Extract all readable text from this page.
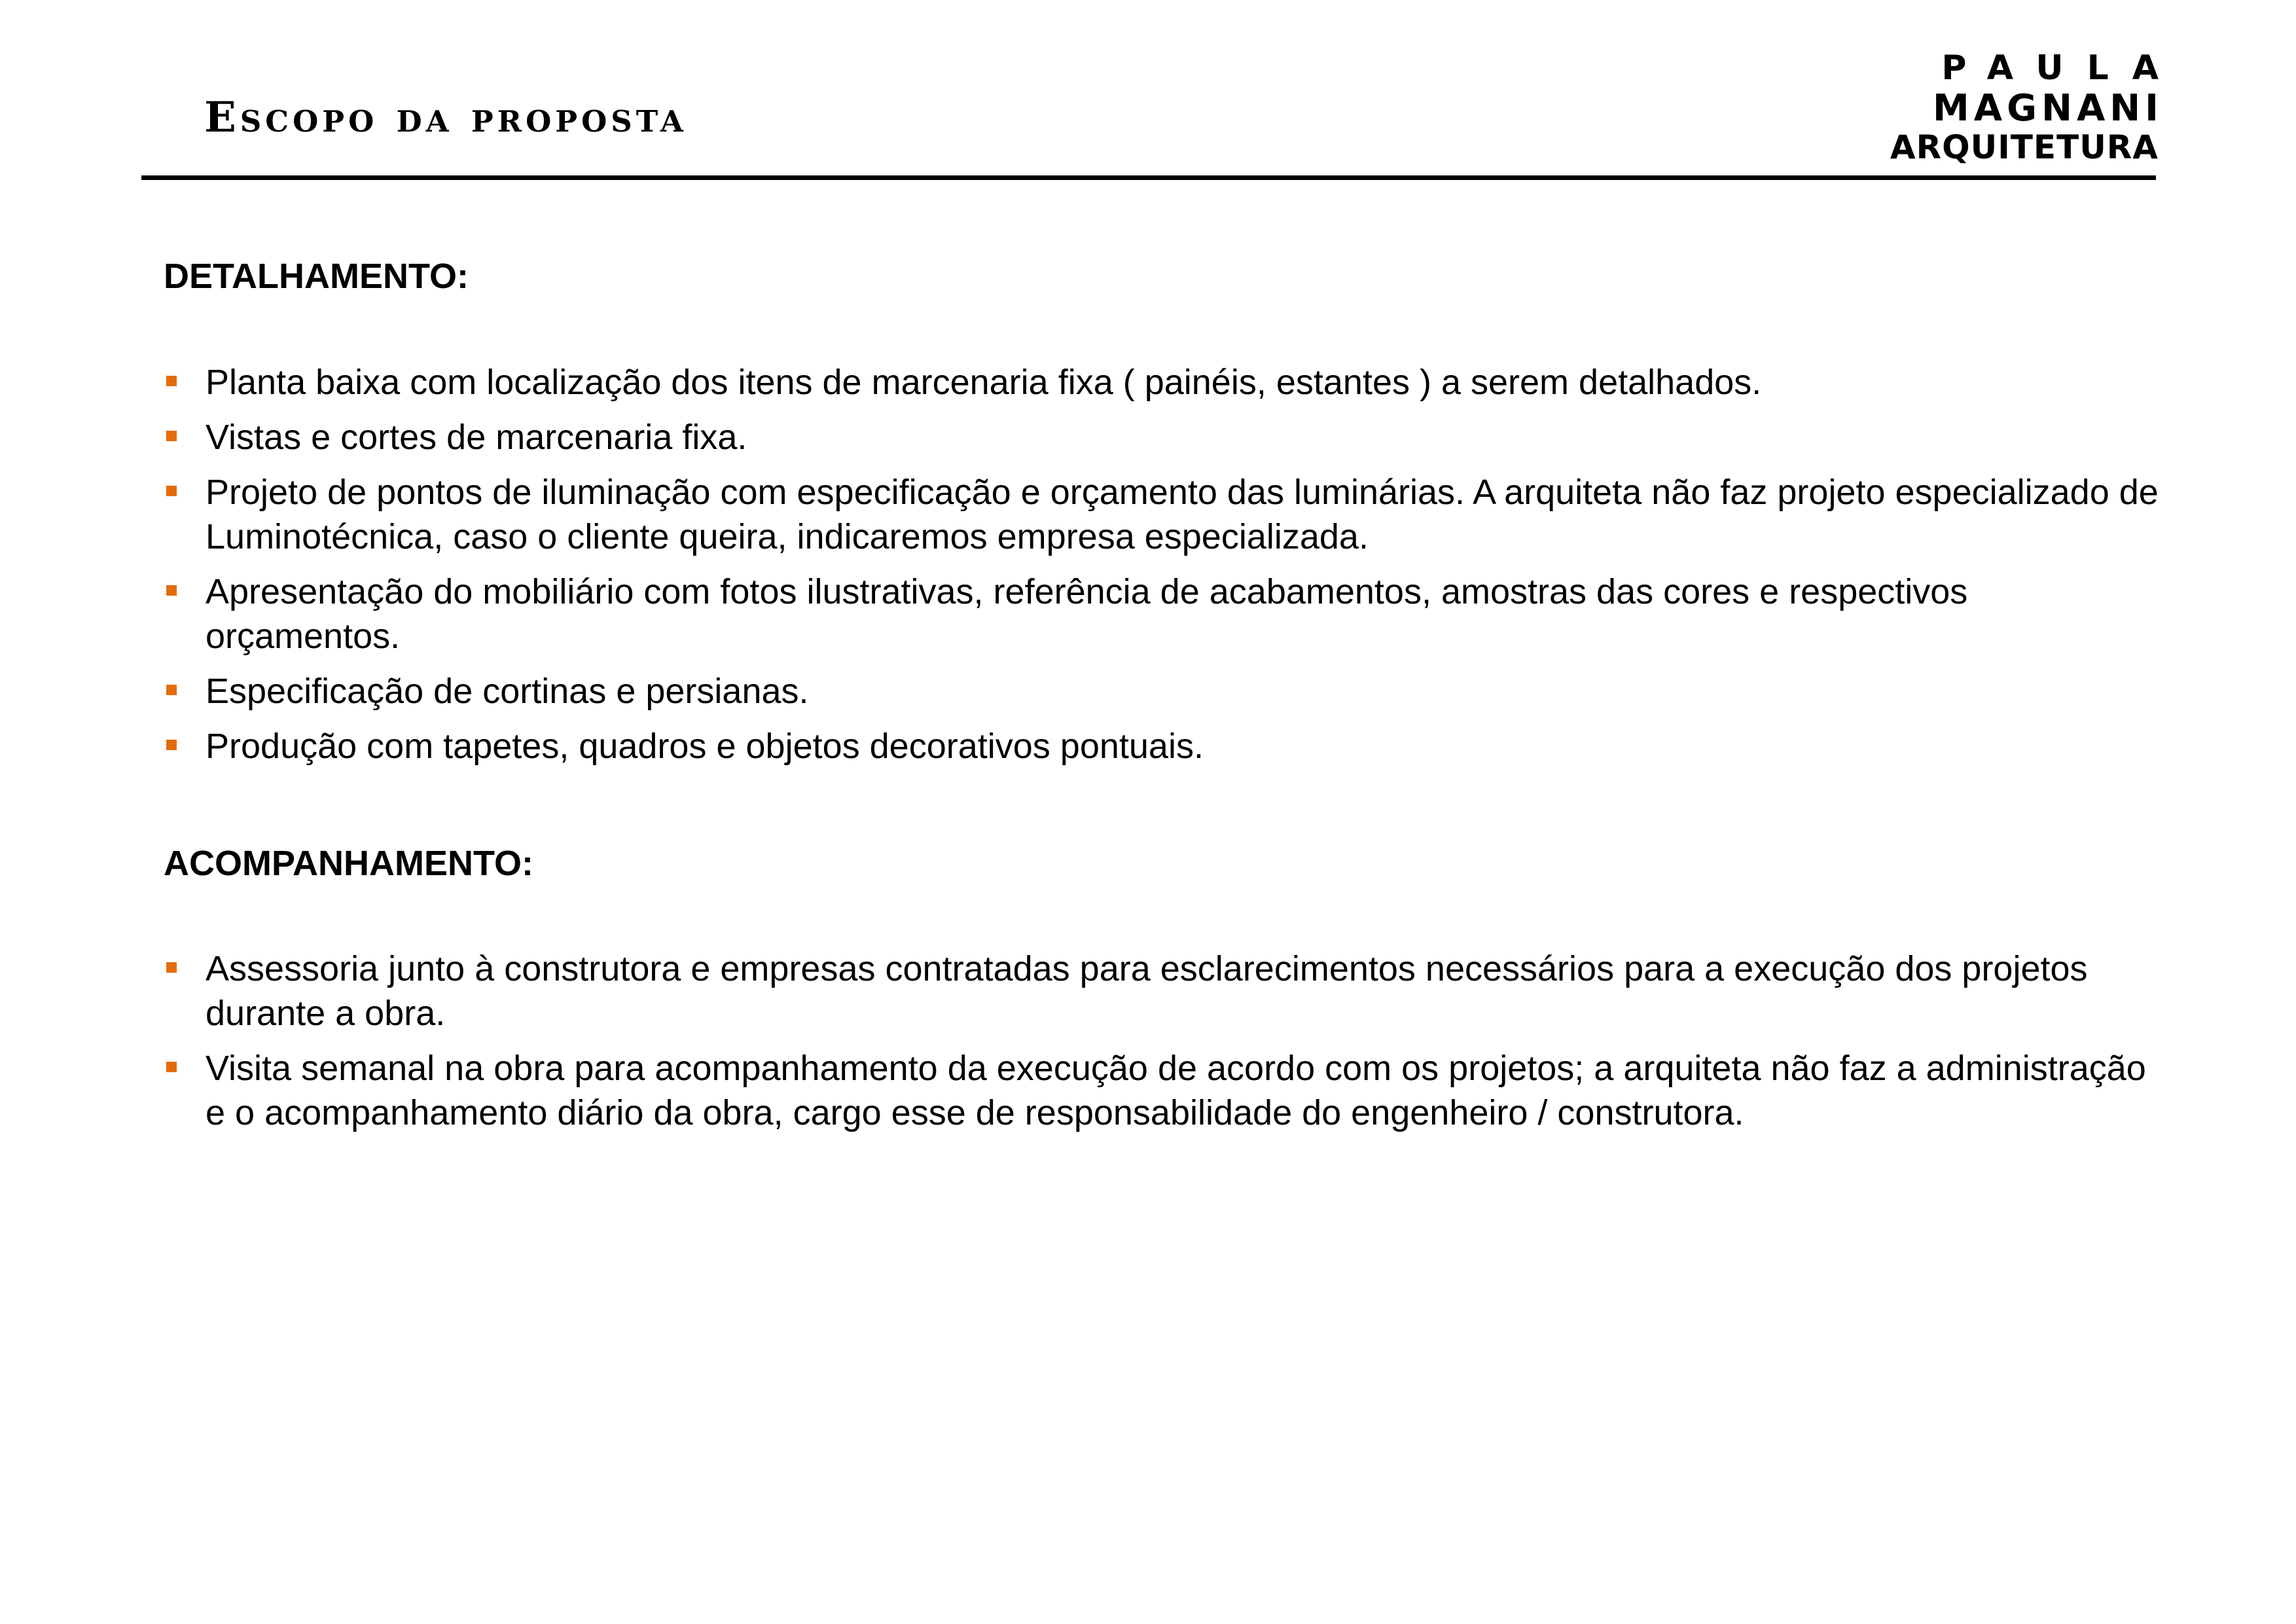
Escopo da proposta
PAULA
MAGNANI
ARQUITETURA
DETALHAMENTO:
Planta baixa com localização dos itens de marcenaria fixa ( painéis, estantes ) a serem detalhados.
Vistas e cortes de marcenaria fixa.
Projeto de pontos de iluminação com especificação e orçamento das luminárias. A arquiteta não faz projeto especializado de Luminotécnica, caso o cliente queira, indicaremos empresa especializada.
Apresentação do mobiliário com fotos ilustrativas, referência de acabamentos, amostras das cores e respectivos orçamentos.
Especificação de cortinas e persianas.
Produção com tapetes, quadros e objetos decorativos pontuais.
ACOMPANHAMENTO:
Assessoria junto à construtora e empresas contratadas para esclarecimentos necessários para a execução dos projetos durante a obra.
Visita semanal na obra para acompanhamento da execução de acordo com os projetos; a arquiteta não faz a administração e o acompanhamento diário da obra, cargo esse de responsabilidade do engenheiro / construtora.
